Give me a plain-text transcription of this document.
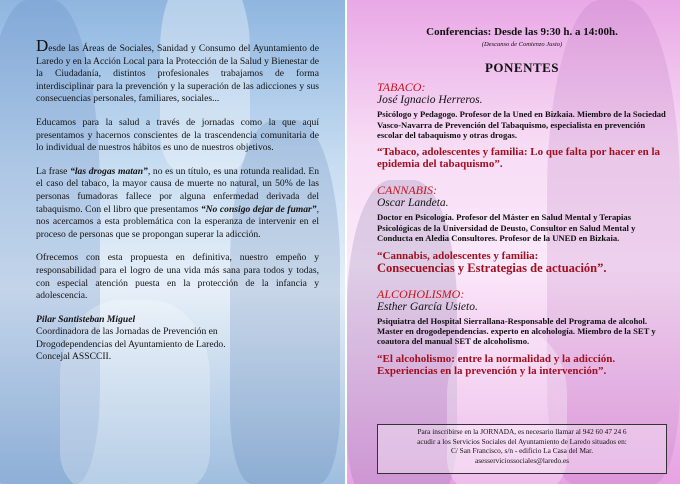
Desde las Áreas de Sociales, Sanidad y Consumo del Ayuntamiento de Laredo y en la Acción Local para la Protección de la Salud y Bienestar de la Ciudadanía, distintos profesionales trabajamos de forma interdisciplinar para la prevención y la superación de las adicciones y sus consecuencias personales, familiares, sociales...

Educamos para la salud a través de jornadas como la que aquí presentamos y hacernos conscientes de la trascendencia comunitaria de lo individual de nuestros hábitos es uno de nuestros objetivos.

La frase “las drogas matan”, no es un título, es una rotunda realidad. En el caso del tabaco, la mayor causa de muerte no natural, un 50% de las personas fumadoras fallece por alguna enfermedad derivada del tabaquismo. Con el libro que presentamos “No consigo dejar de fumar”, nos acercamos a esta problemática con la esperanza de intervenir en el proceso de personas que se propongan superar la adicción.

Ofrecemos con esta propuesta en definitiva, nuestro empeño y responsabilidad para el logro de una vida más sana para todos y todas, con especial atención puesta en la protección de la infancia y adolescencia.

Pilar Santisteban Miguel
Coordinadora de las Jornadas de Prevención en
Drogodependencias del Ayuntamiento de Laredo.
Concejal ASSCCII.
Conferencias: Desde las 9:30 h. a 14:00h.
(Descanso de Comienzo Justo)
PONENTES
TABACO:
José Ignacio Herreros.
Psicólogo y Pedagogo. Profesor de la Uned en Bizkaia. Miembro de la Sociedad Vasco-Navarra de Prevención del Tabaquismo, especialista en prevención escolar del tabaquismo y otras drogas.
“Tabaco, adolescentes y familia: Lo que falta por hacer en la epidemia del tabaquismo”.
CANNABIS:
Oscar Landeta.
Doctor en Psicología. Profesor del Máster en Salud Mental y Terapias Psicológicas de la Universidad de Deusto, Consultor en Salud Mental y Conducta en Aledia Consultores. Profesor de la UNED en Bizkaia.
“Cannabis, adolescentes y familia:
Consecuencias y Estrategias de actuación”.
ALCOHOLISMO:
Esther García Usieto.
Psiquiatra del Hospital Sierrallana-Responsable del Programa de alcohol. Master en drogodependencias. experto en alcohología. Miembro de la SET y coautora del manual SET de alcoholismo.
“El alcoholismo: entre la normalidad y la adicción. Experiencias en la prevención y la intervención”.
Para inscribirse en la JORNADA, es necesario llamar al 942 60 47 24 6
acudir a los Servicios Sociales del Ayuntamiento de Laredo situados en:
C/ San Francisco, s/n - edificio La Casa del Mar.
asesserviciossociales@laredo.es
